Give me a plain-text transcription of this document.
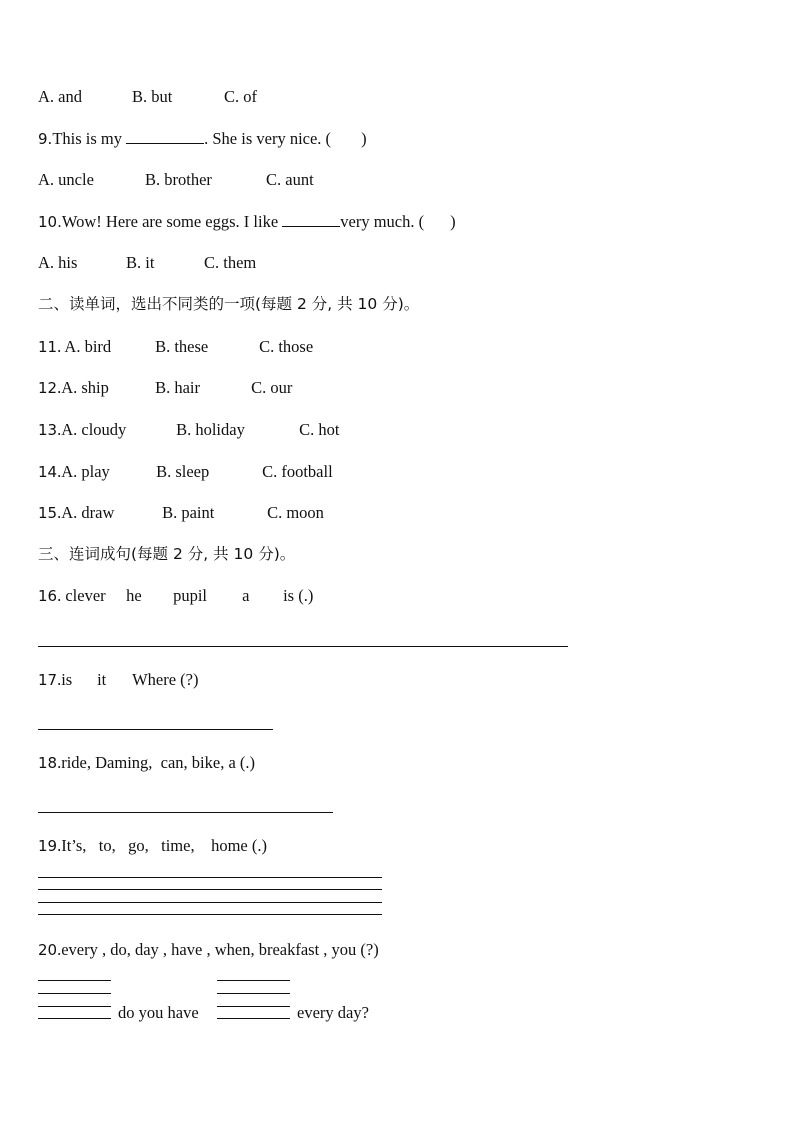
A. and	B. but	C. of
9.This is my	. She is very nice. ( )
A. uncle	B. brother	C. aunt
10.Wow! Here are some eggs. I like	very much. ( )
A. his	B. it	C. them
二、读单词，选出不同类的一项(每题 2 分, 共 10 分)。
11. A. bird	B. these	C. those
12.A. ship	B. hair	C. our
13.A. cloudy	B. holiday	C. hot
14.A. play	B. sleep	C. football
15.A. draw	B. paint	C. moon
三、连词成句(每题 2 分, 共 10 分)。
16. clever he pupil a is (.)
17.is it Where (?)
18.ride, Daming,  can, bike, a (.)
19.It’s,   to,   go,   time,    home (.)
20.every , do, day , have , when, breakfast , you (?)
do you have	every day?
